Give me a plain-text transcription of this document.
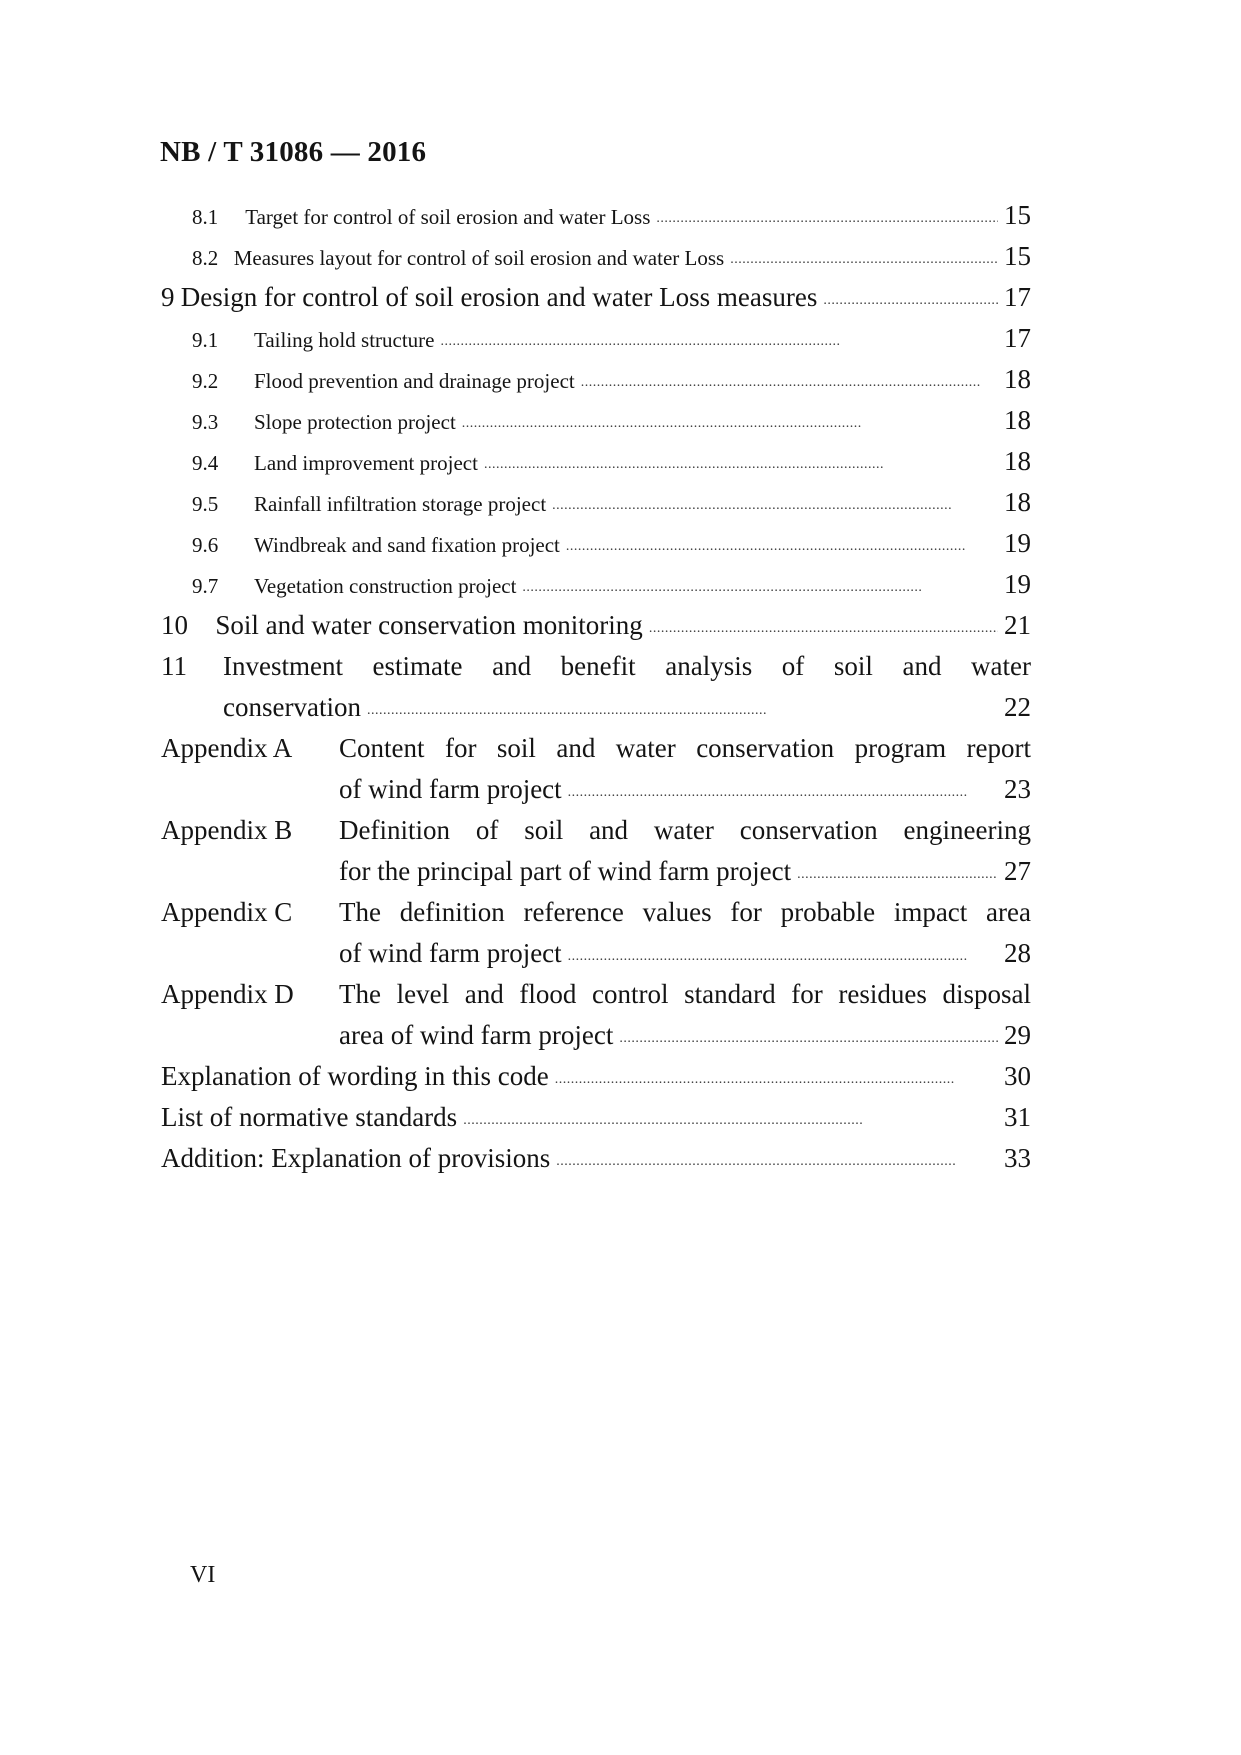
NB / T 31086 — 2016
8.1	Target for control of soil erosion and water Loss . . .	15
8.2 Measures layout for control of soil erosion and water Loss . . .	15
9 Design for control of soil erosion and water Loss measures . . .	17
9.1	Tailing hold structure . . .	17
9.2	Flood prevention and drainage project . . .	18
9.3	Slope protection project . . .	18
9.4	Land improvement project . . .	18
9.5	Rainfall infiltration storage project . . .	18
9.6	Windbreak and sand fixation project . . .	19
9.7	Vegetation construction project . . .	19
10	Soil and water conservation monitoring . . .	21
11	Investment estimate and benefit analysis of soil and water
conservation . . .	22
Appendix A	Content for soil and water conservation program report
of wind farm project . . .	23
Appendix B	Definition of soil and water conservation engineering
for the principal part of wind farm project . . .	27
Appendix C	The definition reference values for probable impact area
of wind farm project . . .	28
Appendix D	The level and flood control standard for residues disposal
area of wind farm project . . .	29
Explanation of wording in this code . . .	30
List of normative standards . . .	31
Addition: Explanation of provisions . . .	33
VI
